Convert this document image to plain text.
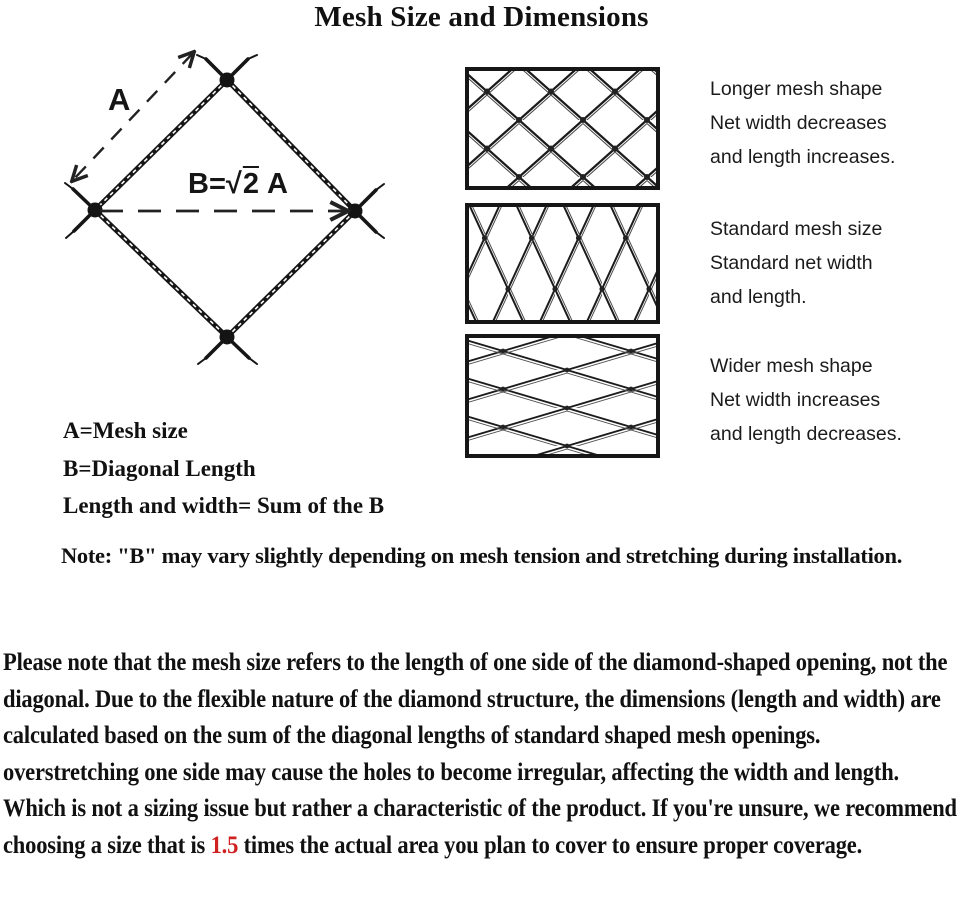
Mesh Size and Dimensions
A
B=√2 A
Longer mesh shape
Net width decreases
and length increases.
Standard mesh size
Standard net width
and length.
Wider mesh shape
Net width increases
and length decreases.
A=Mesh size
B=Diagonal Length
Length and width= Sum of the B
Note: "B" may vary slightly depending on mesh tension and stretching during installation.
Please note that the mesh size refers to the length of one side of the diamond-shaped opening, not the diagonal. Due to the flexible nature of the diamond structure, the dimensions (length and width) are calculated based on the sum of the diagonal lengths of standard shaped mesh openings. overstretching one side may cause the holes to become irregular, affecting the width and length. Which is not a sizing issue but rather a characteristic of the product. If you're unsure, we recommend choosing a size that is 1.5 times the actual area you plan to cover to ensure proper coverage.
